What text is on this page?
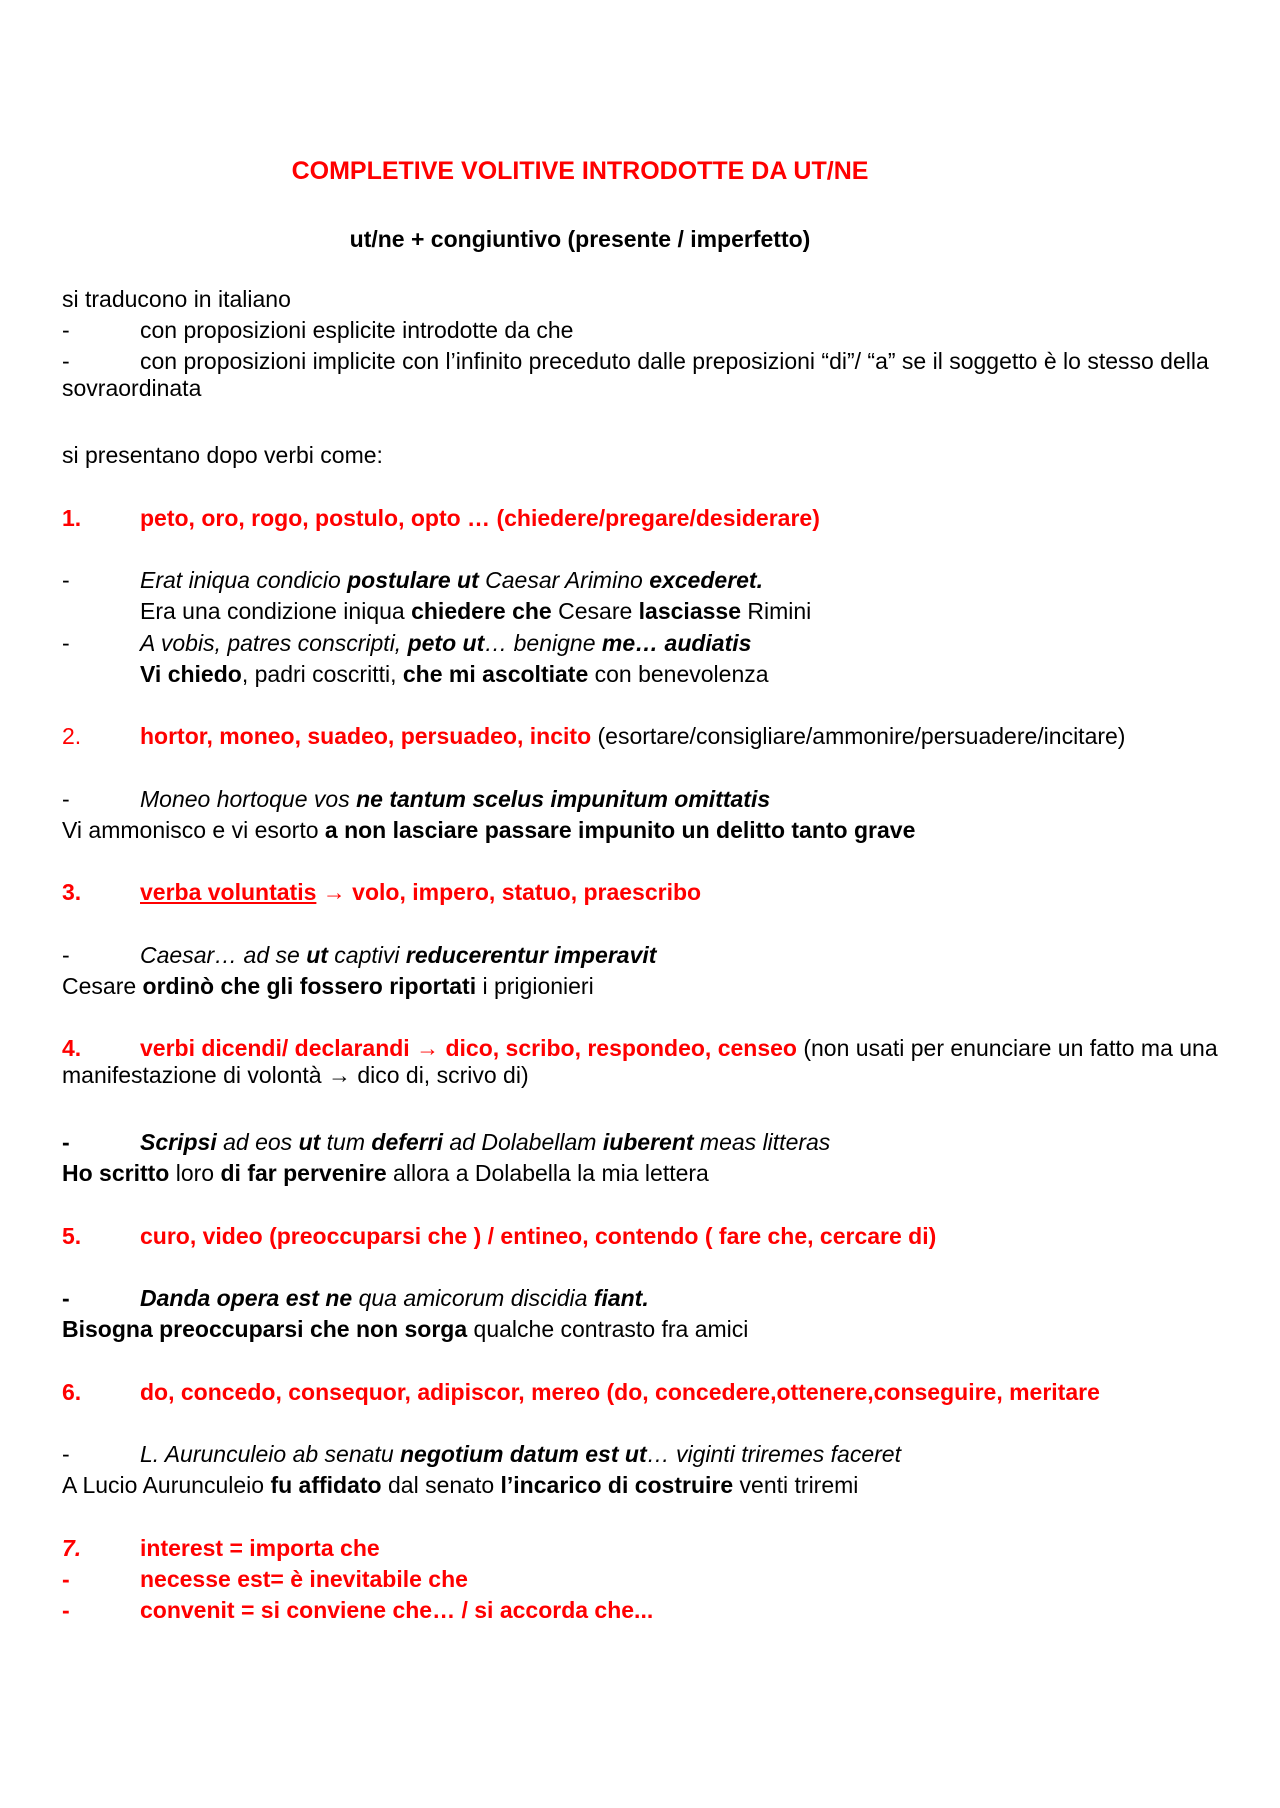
COMPLETIVE VOLITIVE INTRODOTTE DA UT/NE
ut/ne + congiuntivo (presente / imperfetto)
si traducono in italiano
-	con proposizioni esplicite introdotte da che
-	con proposizioni implicite con l’infinito preceduto dalle preposizioni “di”/ “a” se il soggetto è lo stesso della sovraordinata
si presentano dopo verbi come:
1.	peto, oro, rogo, postulo, opto … (chiedere/pregare/desiderare)
-	Erat iniqua condicio postulare ut Caesar Arimino excederet.
Era una condizione iniqua chiedere che Cesare lasciasse Rimini
-	A vobis, patres conscripti, peto ut… benigne me… audiatis
Vi chiedo, padri coscritti, che mi ascoltiate con benevolenza
2.	hortor, moneo, suadeo, persuadeo, incito (esortare/consigliare/ammonire/persuadere/incitare)
-	Moneo hortoque vos ne tantum scelus impunitum omittatis
Vi ammonisco e vi esorto a non lasciare passare impunito un delitto tanto grave
3.	verba voluntatis → volo, impero, statuo, praescribo
-	Caesar… ad se ut captivi reducerentur imperavit
Cesare ordinò che gli fossero riportati i prigionieri
4.	verbi dicendi/ declarandi → dico, scribo, respondeo, censeo (non usati per enunciare un fatto ma una manifestazione di volontà → dico di, scrivo di)
-	Scripsi ad eos ut tum deferri ad Dolabellam iuberent meas litteras
Ho scritto loro di far pervenire allora a Dolabella la mia lettera
5.	curo, video (preoccuparsi che ) / entineo, contendo ( fare che, cercare di)
-	Danda opera est ne qua amicorum discidia fiant.
Bisogna preoccuparsi che non sorga qualche contrasto fra amici
6.	do, concedo, consequor, adipiscor, mereo (do, concedere,ottenere,conseguire, meritare
-	L. Aurunculeio ab senatu negotium datum est ut… viginti triremes faceret
A Lucio Aurunculeio fu affidato dal senato l’incarico di costruire venti triremi
7.	interest = importa che
-	necesse est= è inevitabile che
-	convenit = si conviene che… / si accorda che...
